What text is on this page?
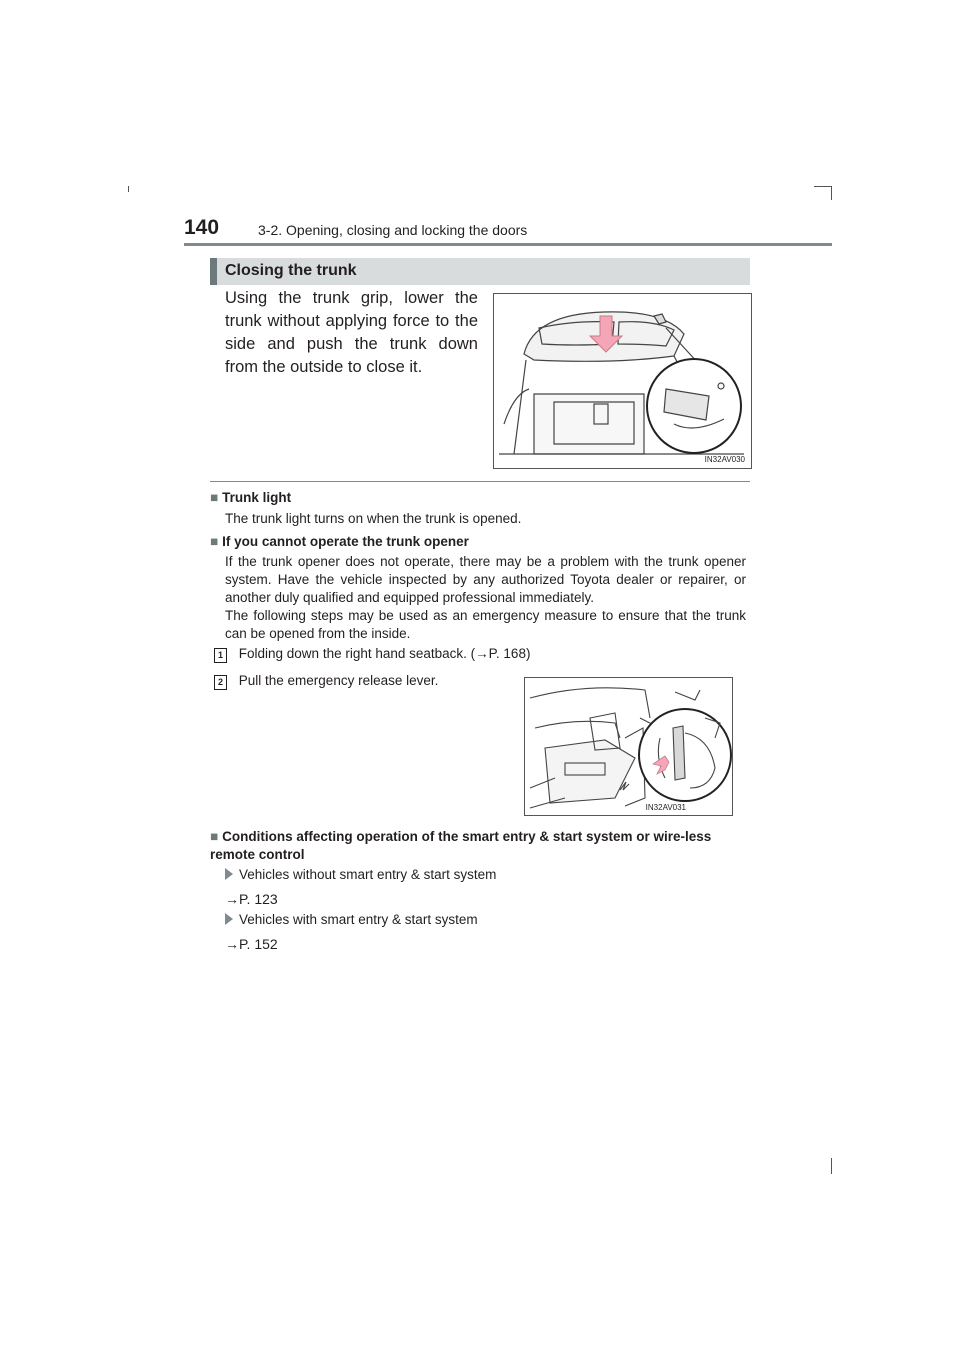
140	3-2. Opening, closing and locking the doors
Closing the trunk
Using the trunk grip, lower the trunk without applying force to the side and push the trunk down
from the outside to close it.
IN32AV030
■ Trunk light
The trunk light turns on when the trunk is opened.
■ If you cannot operate the trunk opener
If the trunk opener does not operate, there may be a problem with the trunk opener system. Have the vehicle inspected by any authorized Toyota dealer or repairer, or another duly qualified and equipped professional immediately.
The following steps may be used as an emergency measure to ensure that the trunk can be opened from the inside.
1 Folding down the right hand seatback. (→P. 168)
2 Pull the emergency release lever.
IN32AV031
■ Conditions affecting operation of the smart entry & start system or wire-less remote control
Vehicles without smart entry & start system
→P. 123
Vehicles with smart entry & start system
→P. 152
